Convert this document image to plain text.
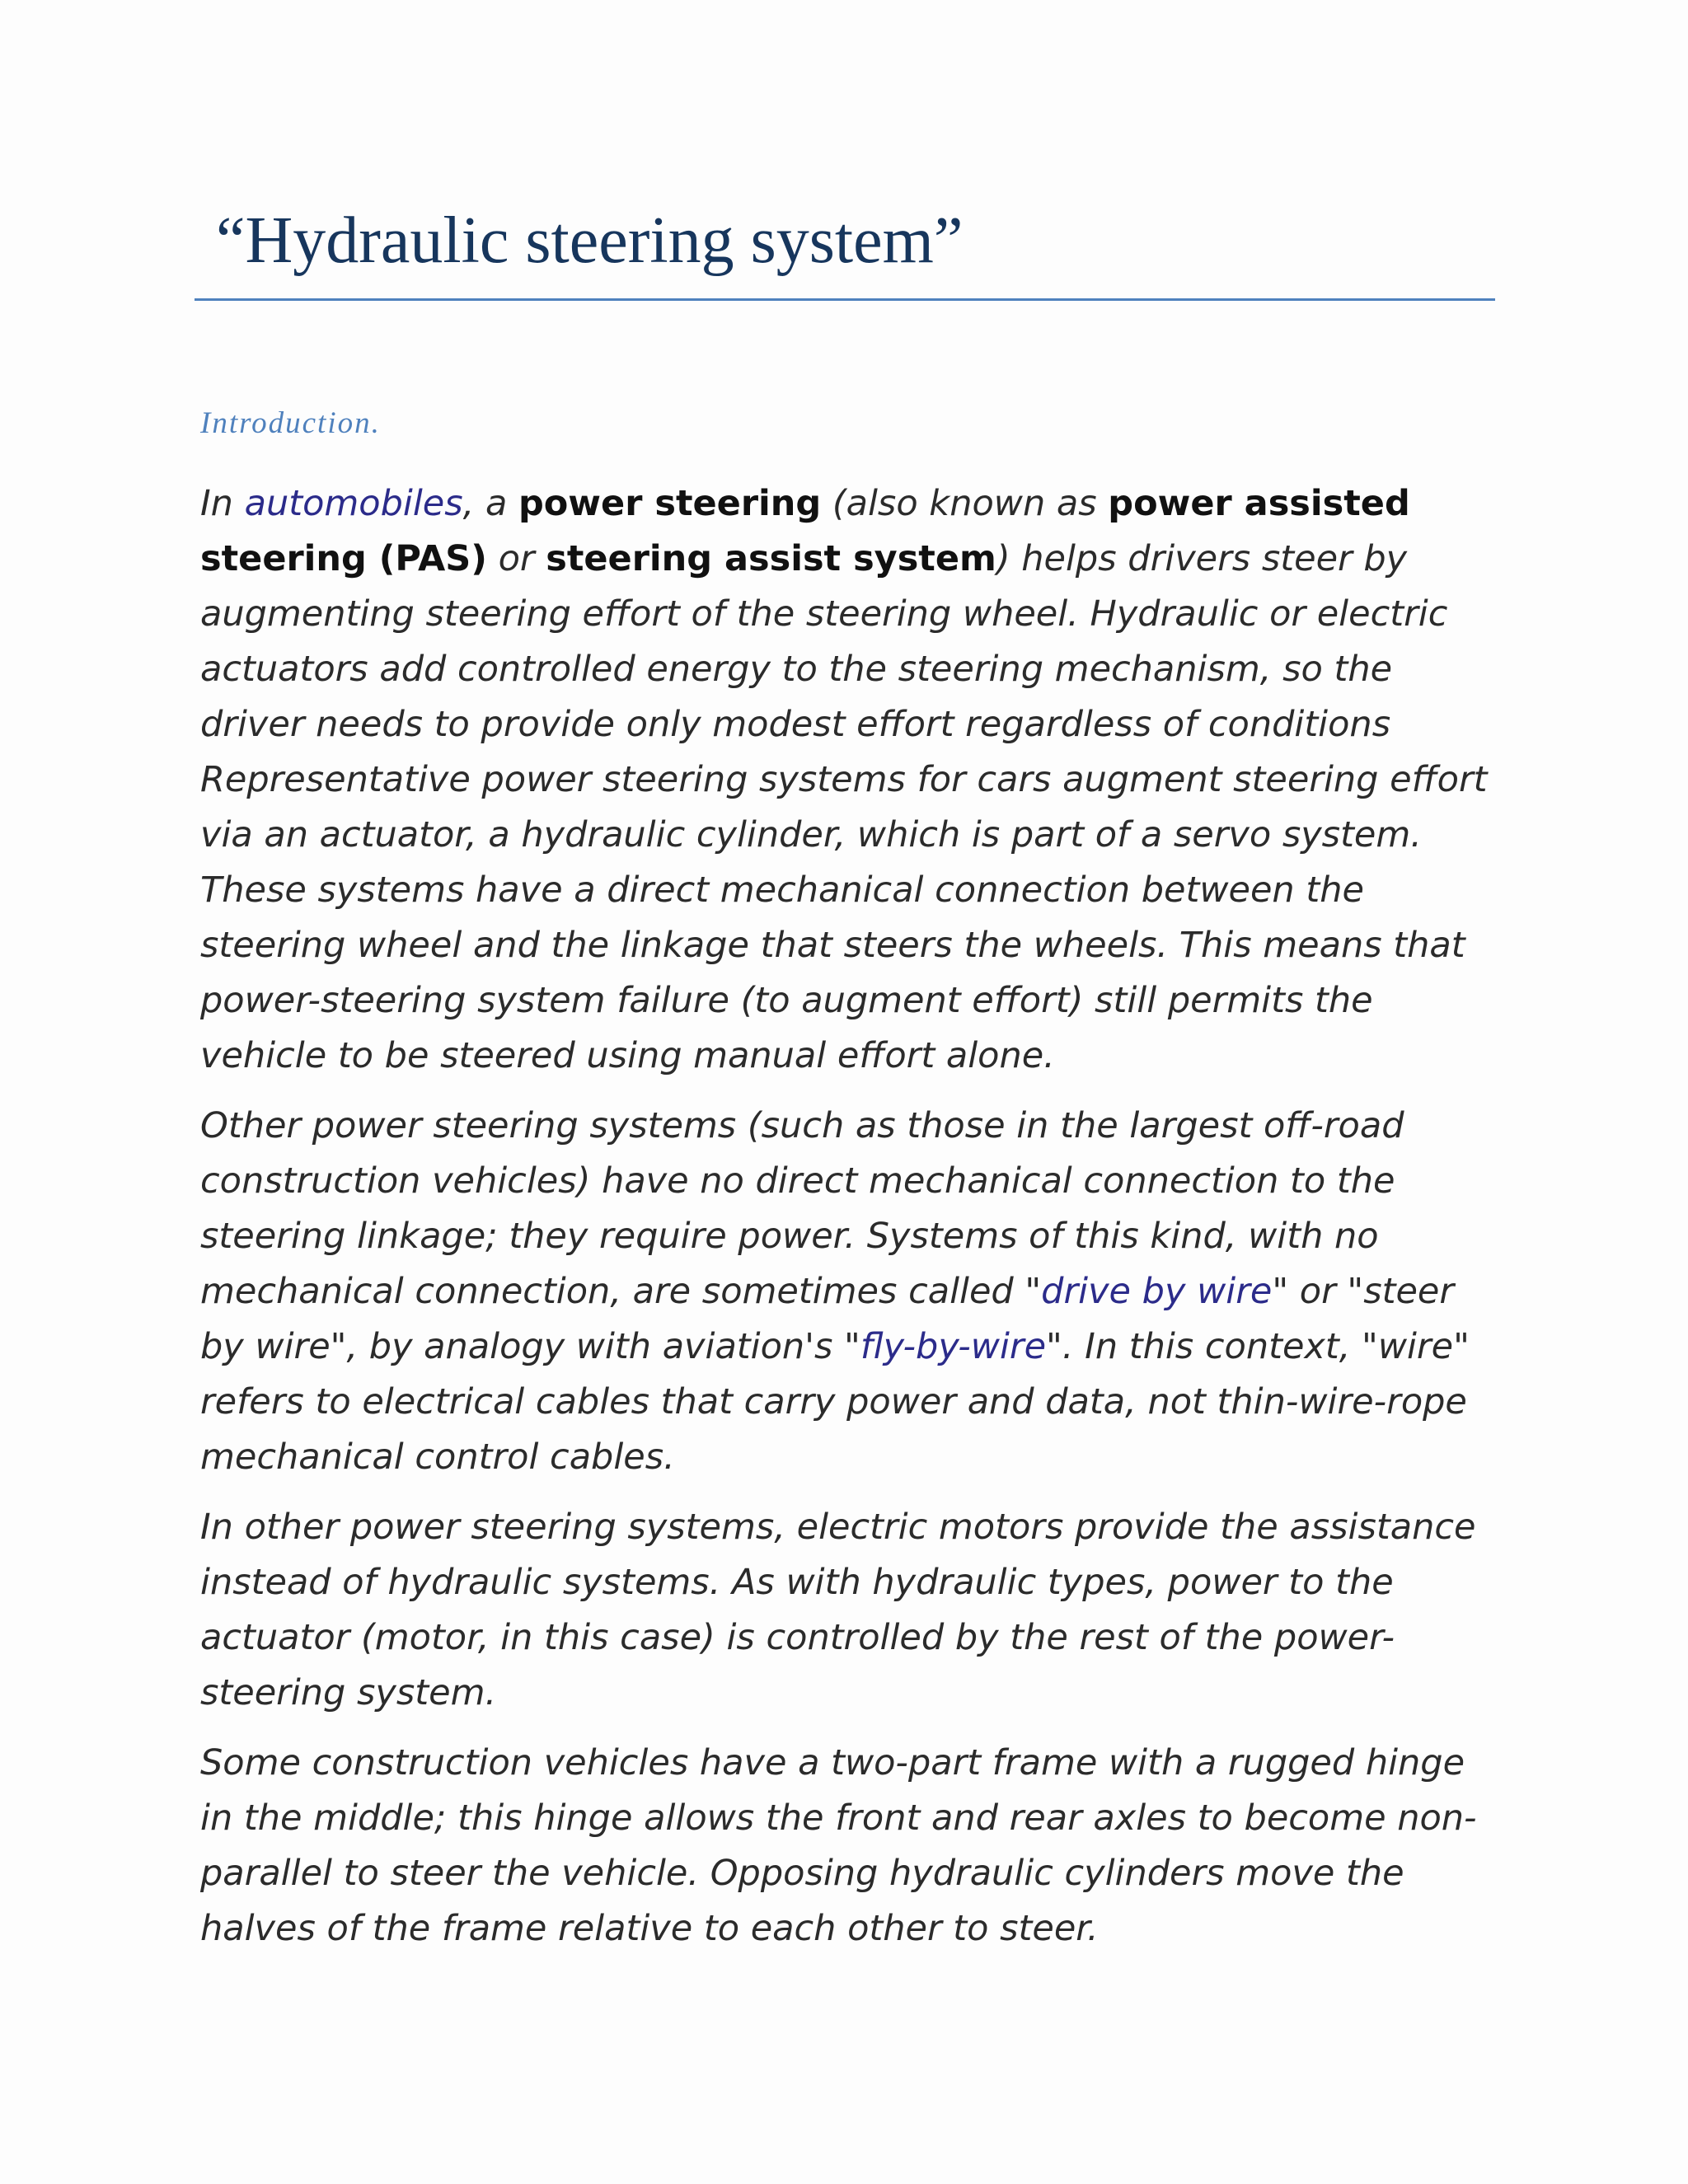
“Hydraulic steering system”
Introduction.

In automobiles, a power steering (also known as power assisted steering (PAS) or steering assist system) helps drivers steer by augmenting steering effort of the steering wheel. Hydraulic or electric actuators add controlled energy to the steering mechanism, so the driver needs to provide only modest effort regardless of conditions Representative power steering systems for cars augment steering effort via an actuator, a hydraulic cylinder, which is part of a servo system. These systems have a direct mechanical connection between the steering wheel and the linkage that steers the wheels. This means that power-steering system failure (to augment effort) still permits the vehicle to be steered using manual effort alone.

Other power steering systems (such as those in the largest off-road construction vehicles) have no direct mechanical connection to the steering linkage; they require power. Systems of this kind, with no mechanical connection, are sometimes called "drive by wire" or "steer by wire", by analogy with aviation's "fly-by-wire". In this context, "wire" refers to electrical cables that carry power and data, not thin-wire-rope mechanical control cables.

In other power steering systems, electric motors provide the assistance instead of hydraulic systems. As with hydraulic types, power to the actuator (motor, in this case) is controlled by the rest of the power-steering system.

Some construction vehicles have a two-part frame with a rugged hinge in the middle; this hinge allows the front and rear axles to become non-parallel to steer the vehicle. Opposing hydraulic cylinders move the halves of the frame relative to each other to steer.
